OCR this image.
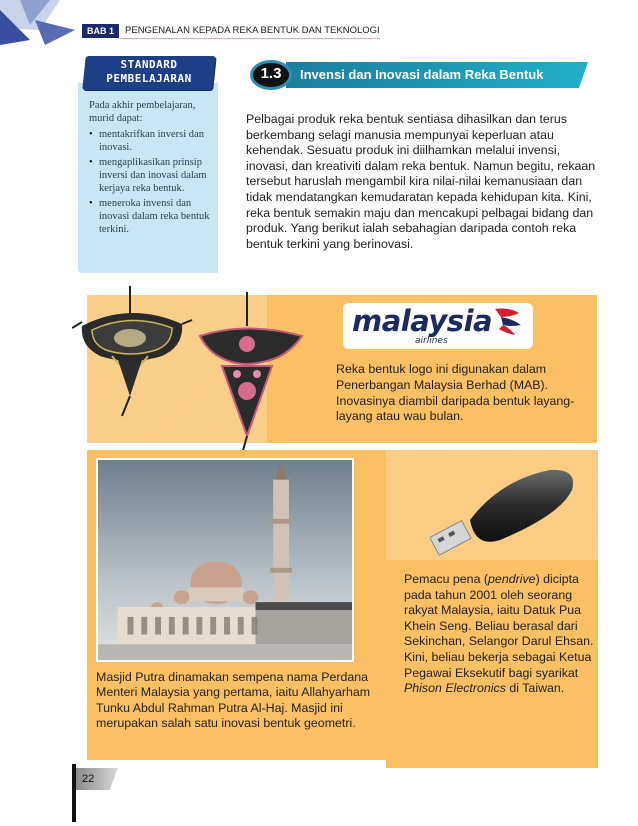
BAB 1	PENGENALAN KEPADA REKA BENTUK DAN TEKNOLOGI
STANDARD
PEMBELAJARAN
Pada akhir pembelajaran, murid dapat:
• mentakrifkan inversi dan inovasi.
• mengaplikasikan prinsip inversi dan inovasi dalam kerjaya reka bentuk.
• meneroka invensi dan inovasi dalam reka bentuk terkini.
1.3	Invensi dan Inovasi dalam Reka Bentuk

Pelbagai produk reka bentuk sentiasa dihasilkan dan terus berkembang selagi manusia mempunyai keperluan atau kehendak. Sesuatu produk ini diilhamkan melalui invensi, inovasi, dan kreativiti dalam reka bentuk. Namun begitu, rekaan tersebut haruslah mengambil kira nilai-nilai kemanusiaan dan tidak mendatangkan kemudaratan kepada kehidupan kita. Kini, reka bentuk semakin maju dan mencakupi pelbagai bidang dan produk. Yang berikut ialah sebahagian daripada contoh reka bentuk terkini yang berinovasi.

malaysia
airlines

Reka bentuk logo ini digunakan dalam Penerbangan Malaysia Berhad (MAB). Inovasinya diambil daripada bentuk layang-layang atau wau bulan.

Masjid Putra dinamakan sempena nama Perdana Menteri Malaysia yang pertama, iaitu Allahyarham Tunku Abdul Rahman Putra Al-Haj. Masjid ini merupakan salah satu inovasi bentuk geometri.

Pemacu pena (pendrive) dicipta pada tahun 2001 oleh seorang rakyat Malaysia, iaitu Datuk Pua Khein Seng. Beliau berasal dari Sekinchan, Selangor Darul Ehsan. Kini, beliau bekerja sebagai Ketua Pegawai Eksekutif bagi syarikat Phison Electronics di Taiwan.

22
